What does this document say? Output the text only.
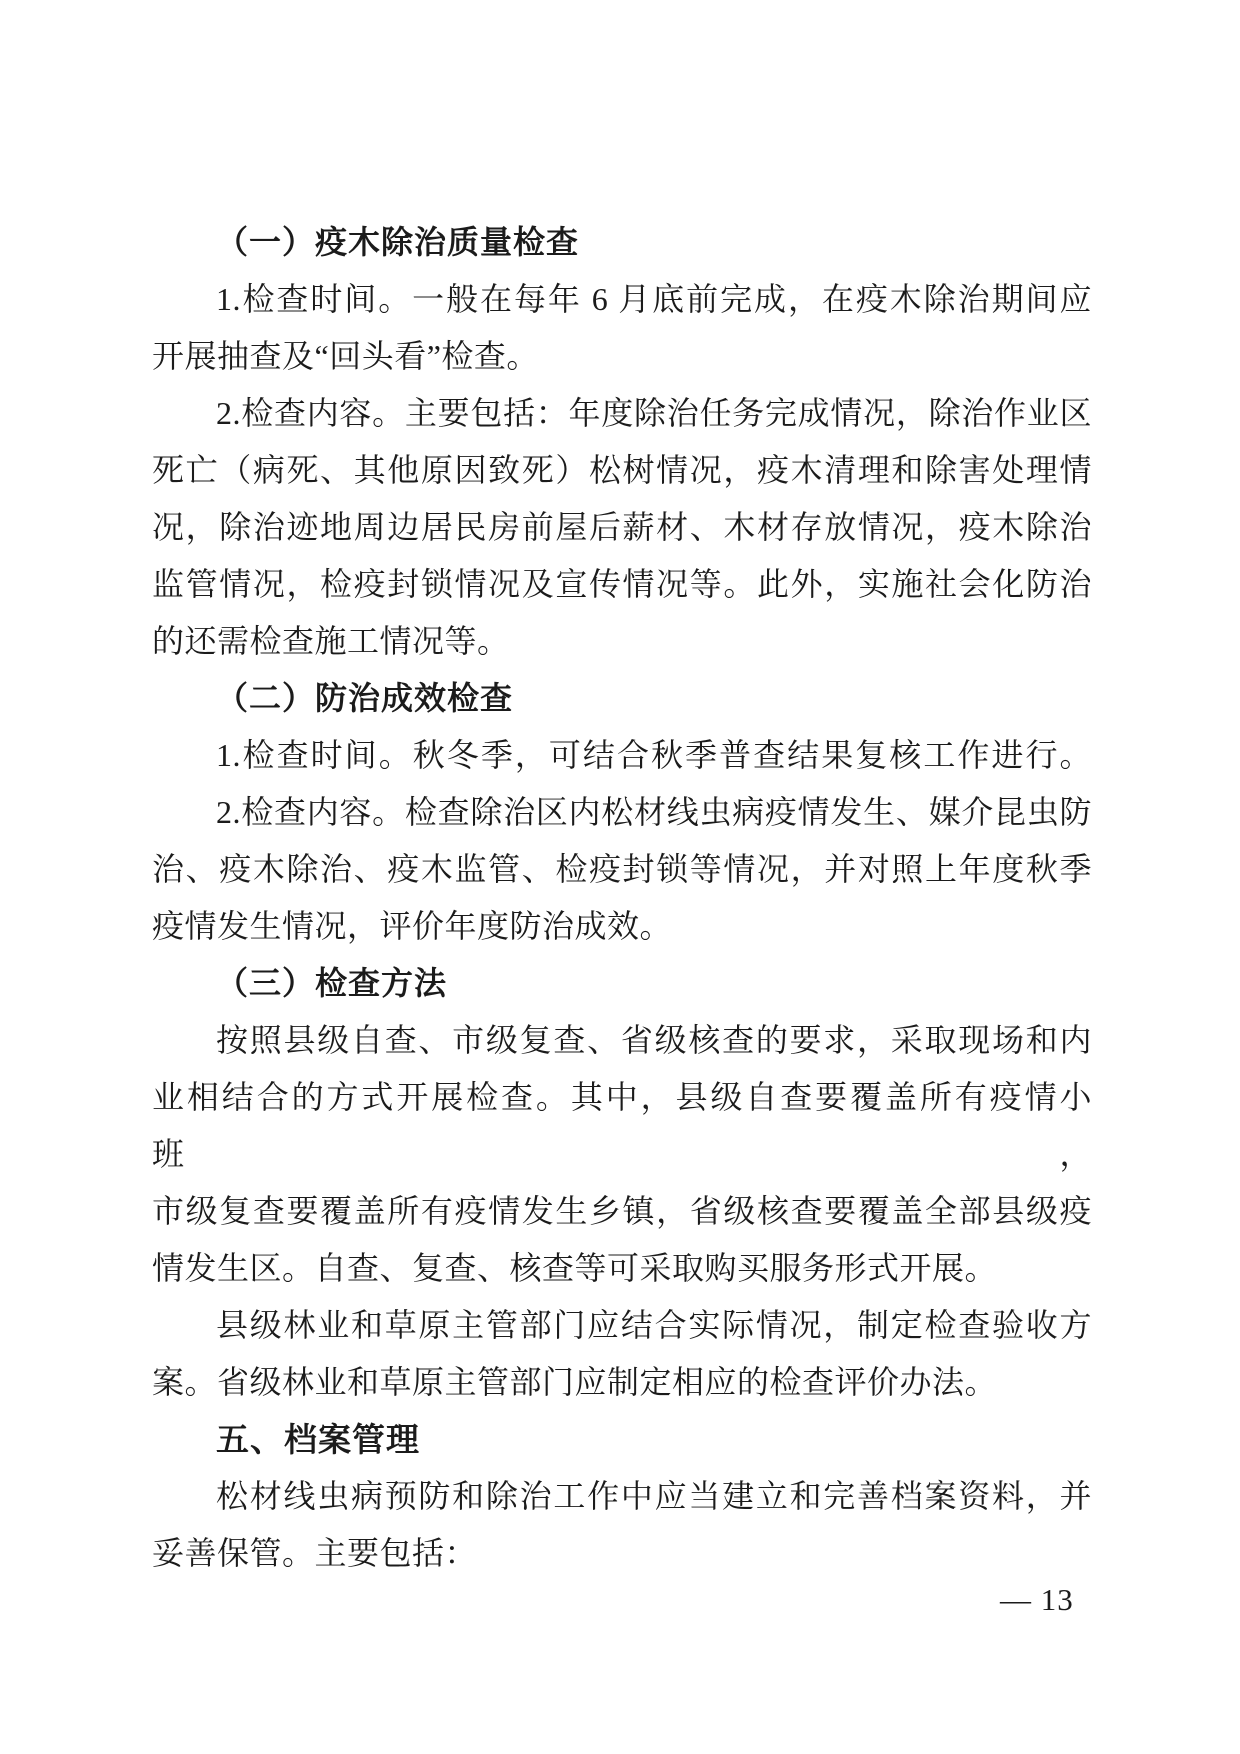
（一）疫木除治质量检查
1.检查时间。一般在每年 6 月底前完成，在疫木除治期间应
开展抽查及“回头看”检查。
2.检查内容。主要包括：年度除治任务完成情况，除治作业区
死亡（病死、其他原因致死）松树情况，疫木清理和除害处理情
况，除治迹地周边居民房前屋后薪材、木材存放情况，疫木除治
监管情况，检疫封锁情况及宣传情况等。此外，实施社会化防治
的还需检查施工情况等。
（二）防治成效检查
1.检查时间。秋冬季，可结合秋季普查结果复核工作进行。
2.检查内容。检查除治区内松材线虫病疫情发生、媒介昆虫防
治、疫木除治、疫木监管、检疫封锁等情况，并对照上年度秋季
疫情发生情况，评价年度防治成效。
（三）检查方法
按照县级自查、市级复查、省级核查的要求，采取现场和内
业相结合的方式开展检查。其中，县级自查要覆盖所有疫情小班，
市级复查要覆盖所有疫情发生乡镇，省级核查要覆盖全部县级疫
情发生区。自查、复查、核查等可采取购买服务形式开展。
县级林业和草原主管部门应结合实际情况，制定检查验收方
案。省级林业和草原主管部门应制定相应的检查评价办法。
五、档案管理
松材线虫病预防和除治工作中应当建立和完善档案资料，并
妥善保管。主要包括：
— 13
